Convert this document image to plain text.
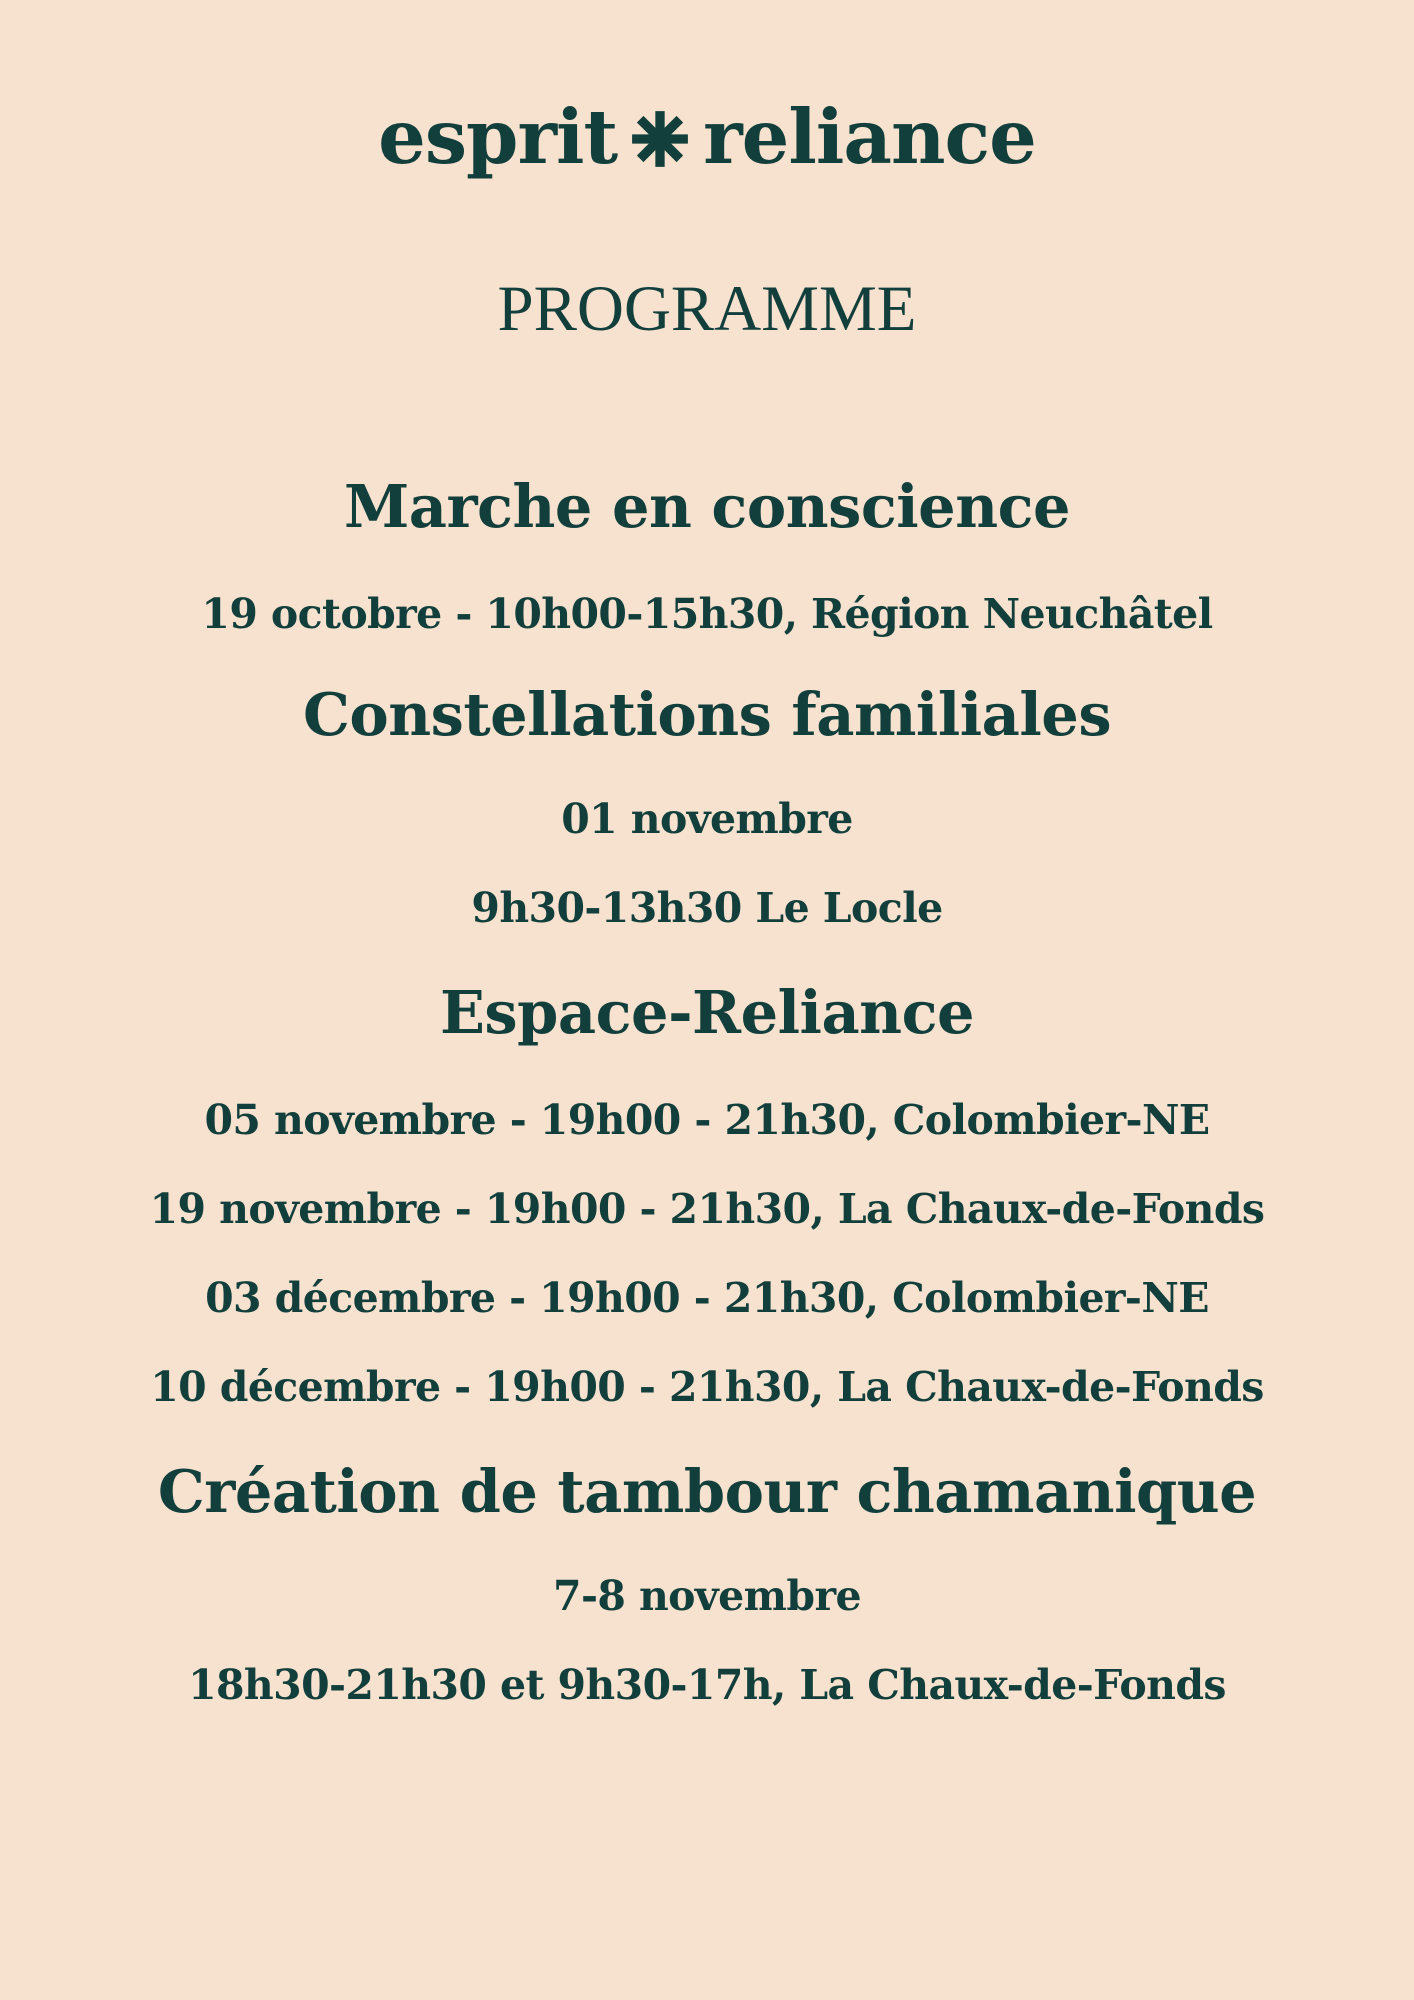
esprit reliance
PROGRAMME
Marche en conscience
19 octobre - 10h00-15h30, Région Neuchâtel
Constellations familiales
01 novembre
9h30-13h30 Le Locle
Espace-Reliance
05 novembre - 19h00 - 21h30, Colombier-NE
19 novembre - 19h00 - 21h30, La Chaux-de-Fonds
03 décembre - 19h00 - 21h30, Colombier-NE
10 décembre - 19h00 - 21h30, La Chaux-de-Fonds
Création de tambour chamanique
7-8 novembre
18h30-21h30 et 9h30-17h, La Chaux-de-Fonds
